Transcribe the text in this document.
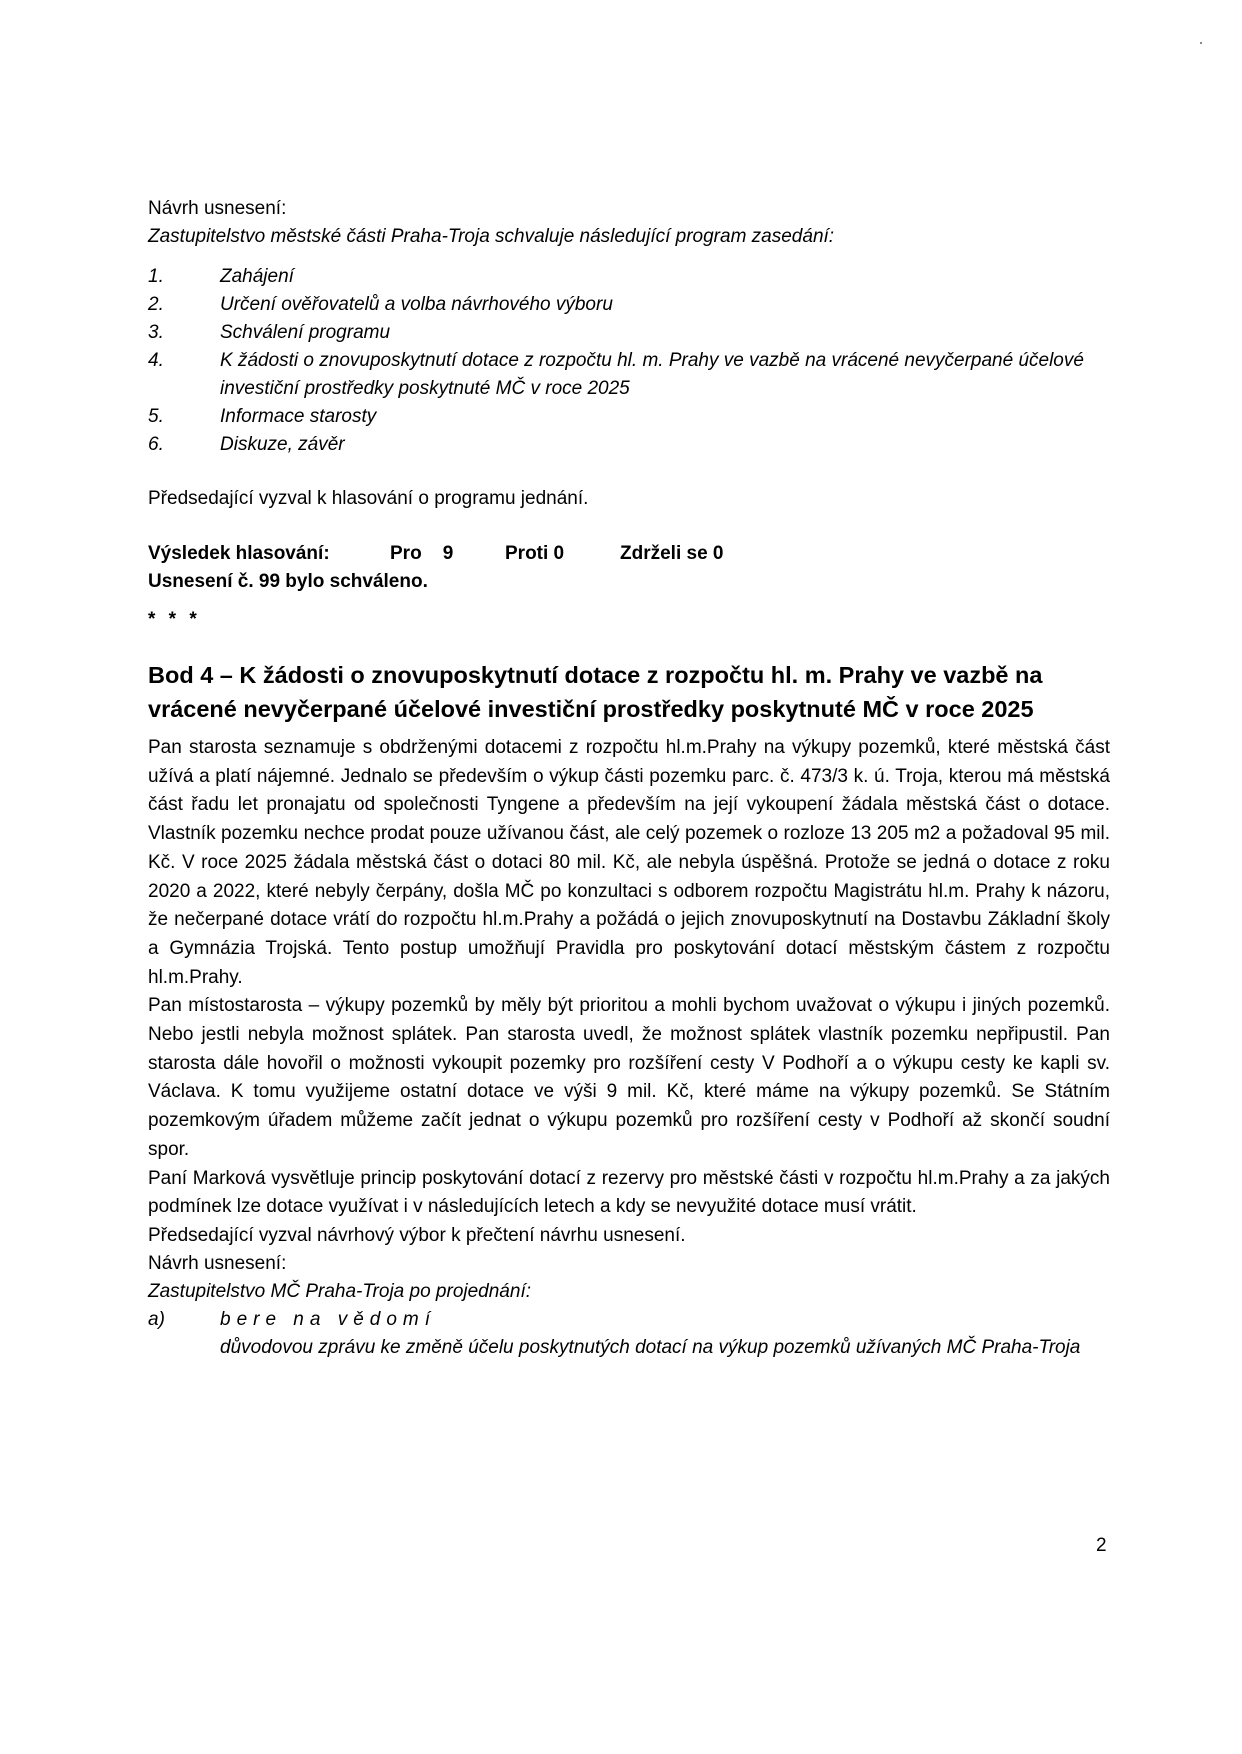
Návrh usnesení:
Zastupitelstvo městské části Praha-Troja schvaluje následující program zasedání:
1.	Zahájení
2.	Určení ověřovatelů a volba návrhového výboru
3.	Schválení programu
4.	K žádosti o znovuposkytnutí dotace z rozpočtu hl. m. Prahy ve vazbě na vrácené nevyčerpané účelové investiční prostředky poskytnuté MČ v roce 2025
5.	Informace starosty
6.	Diskuze, závěr
Předsedající vyzval k hlasování o programu jednání.
Výsledek hlasování:	Pro    9	Proti 0	Zdrželi se 0
Usnesení č. 99 bylo schváleno.
* * *
Bod 4 – K žádosti o znovuposkytnutí dotace z rozpočtu hl. m. Prahy ve vazbě na vrácené nevyčerpané účelové investiční prostředky poskytnuté MČ v roce 2025
Pan starosta seznamuje s obdrženými dotacemi z rozpočtu hl.m.Prahy na výkupy pozemků, které městská část užívá a platí nájemné. Jednalo se především o výkup části pozemku parc. č. 473/3 k. ú. Troja, kterou má městská část řadu let pronajatu od společnosti Tyngene a především na její vykoupení žádala městská část o dotace. Vlastník pozemku nechce prodat pouze užívanou část, ale celý pozemek o rozloze 13 205 m2 a požadoval 95 mil. Kč. V roce 2025 žádala městská část o dotaci 80 mil. Kč, ale nebyla úspěšná. Protože se jedná o dotace z roku 2020 a 2022, které nebyly čerpány, došla MČ po konzultaci s odborem rozpočtu Magistrátu hl.m. Prahy k názoru, že nečerpané dotace vrátí do rozpočtu hl.m.Prahy a požádá o jejich znovuposkytnutí na Dostavbu Základní školy a Gymnázia Trojská. Tento postup umožňují Pravidla pro poskytování dotací městským částem z rozpočtu hl.m.Prahy.
Pan místostarosta – výkupy pozemků by měly být prioritou a mohli bychom uvažovat o výkupu i jiných pozemků. Nebo jestli nebyla možnost splátek. Pan starosta uvedl, že možnost splátek vlastník pozemku nepřipustil. Pan starosta dále hovořil o možnosti vykoupit pozemky pro rozšíření cesty V Podhoří a o výkupu cesty ke kapli sv. Václava. K tomu využijeme ostatní dotace ve výši 9 mil. Kč, které máme na výkupy pozemků. Se Státním pozemkovým úřadem můžeme začít jednat o výkupu pozemků pro rozšíření cesty v Podhoří až skončí soudní spor.
Paní Marková vysvětluje princip poskytování dotací z rezervy pro městské části v rozpočtu hl.m.Prahy a za jakých podmínek lze dotace využívat i v následujících letech a kdy se nevyužité dotace musí vrátit.
Předsedající vyzval návrhový výbor k přečtení návrhu usnesení.
Návrh usnesení:
Zastupitelstvo MČ Praha-Troja po projednání:
a)	bere na vědomí
důvodovou zprávu ke změně účelu poskytnutých dotací na výkup pozemků užívaných MČ Praha-Troja
2
